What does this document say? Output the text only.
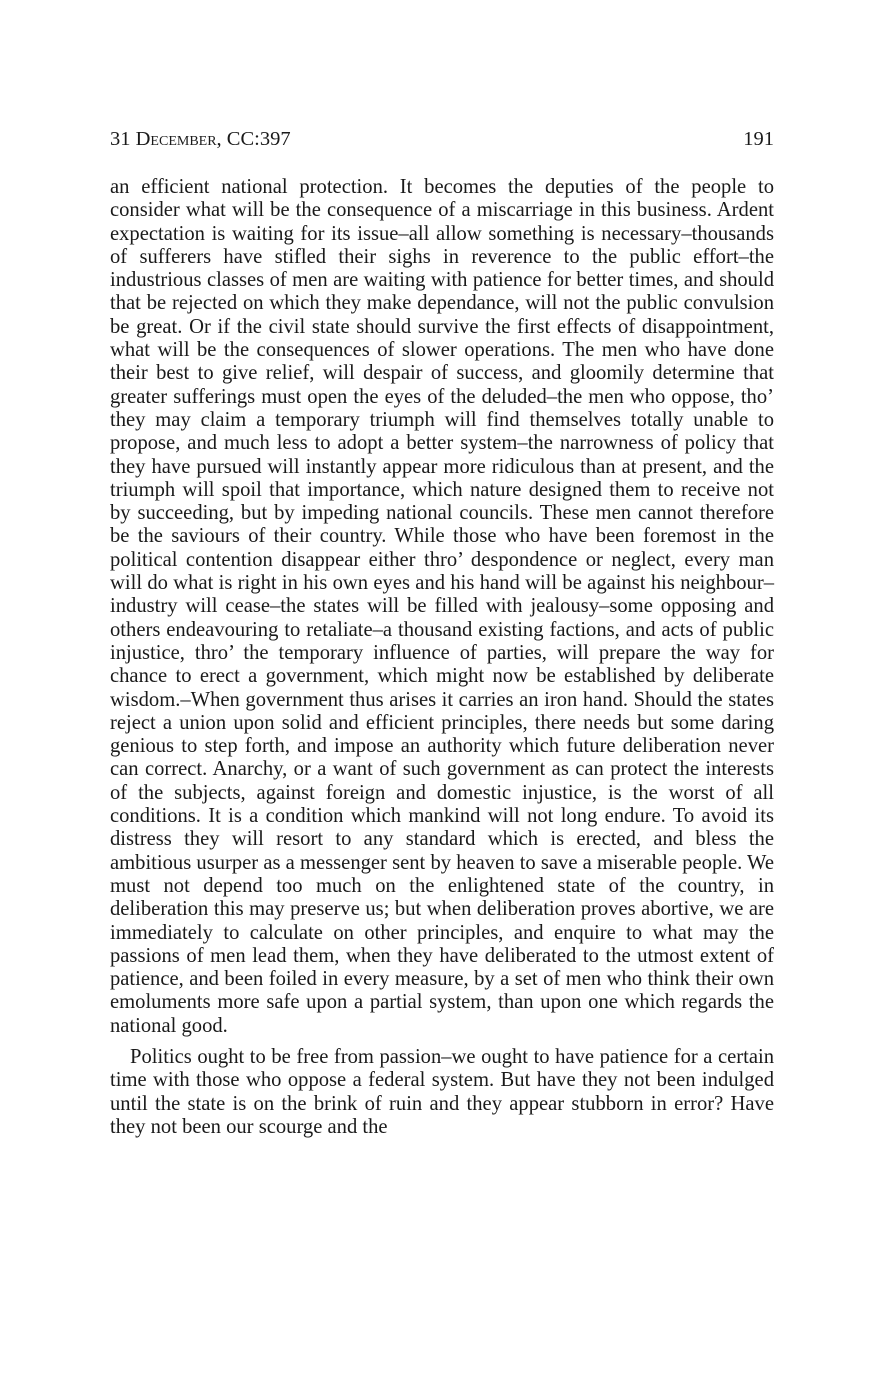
31 December, CC:397	191

an efficient national protection. It becomes the deputies of the people to consider what will be the consequence of a miscarriage in this business. Ardent expectation is waiting for its issue–all allow something is necessary–thousands of sufferers have stifled their sighs in reverence to the public effort–the industrious classes of men are waiting with patience for better times, and should that be rejected on which they make dependance, will not the public convulsion be great. Or if the civil state should survive the first effects of disappointment, what will be the consequences of slower operations. The men who have done their best to give relief, will despair of success, and gloomily determine that greater sufferings must open the eyes of the deluded–the men who oppose, tho’ they may claim a temporary triumph will find themselves totally unable to propose, and much less to adopt a better system–the narrowness of policy that they have pursued will instantly appear more ridiculous than at present, and the triumph will spoil that importance, which nature designed them to receive not by succeeding, but by impeding national councils. These men cannot therefore be the saviours of their country. While those who have been foremost in the political contention disappear either thro’ despondence or neglect, every man will do what is right in his own eyes and his hand will be against his neighbour–industry will cease–the states will be filled with jealousy–some opposing and others endeavouring to retaliate–a thousand existing factions, and acts of public injustice, thro’ the temporary influence of parties, will prepare the way for chance to erect a government, which might now be established by deliberate wisdom.–When government thus arises it carries an iron hand. Should the states reject a union upon solid and efficient principles, there needs but some daring genious to step forth, and impose an authority which future deliberation never can correct. Anarchy, or a want of such government as can protect the interests of the subjects, against foreign and domestic injustice, is the worst of all conditions. It is a condition which mankind will not long endure. To avoid its distress they will resort to any standard which is erected, and bless the ambitious usurper as a messenger sent by heaven to save a miserable people. We must not depend too much on the enlightened state of the country, in deliberation this may preserve us; but when deliberation proves abortive, we are immediately to calculate on other principles, and enquire to what may the passions of men lead them, when they have deliberated to the utmost extent of patience, and been foiled in every measure, by a set of men who think their own emoluments more safe upon a partial system, than upon one which regards the national good.

Politics ought to be free from passion–we ought to have patience for a certain time with those who oppose a federal system. But have they not been indulged until the state is on the brink of ruin and they appear stubborn in error? Have they not been our scourge and the
